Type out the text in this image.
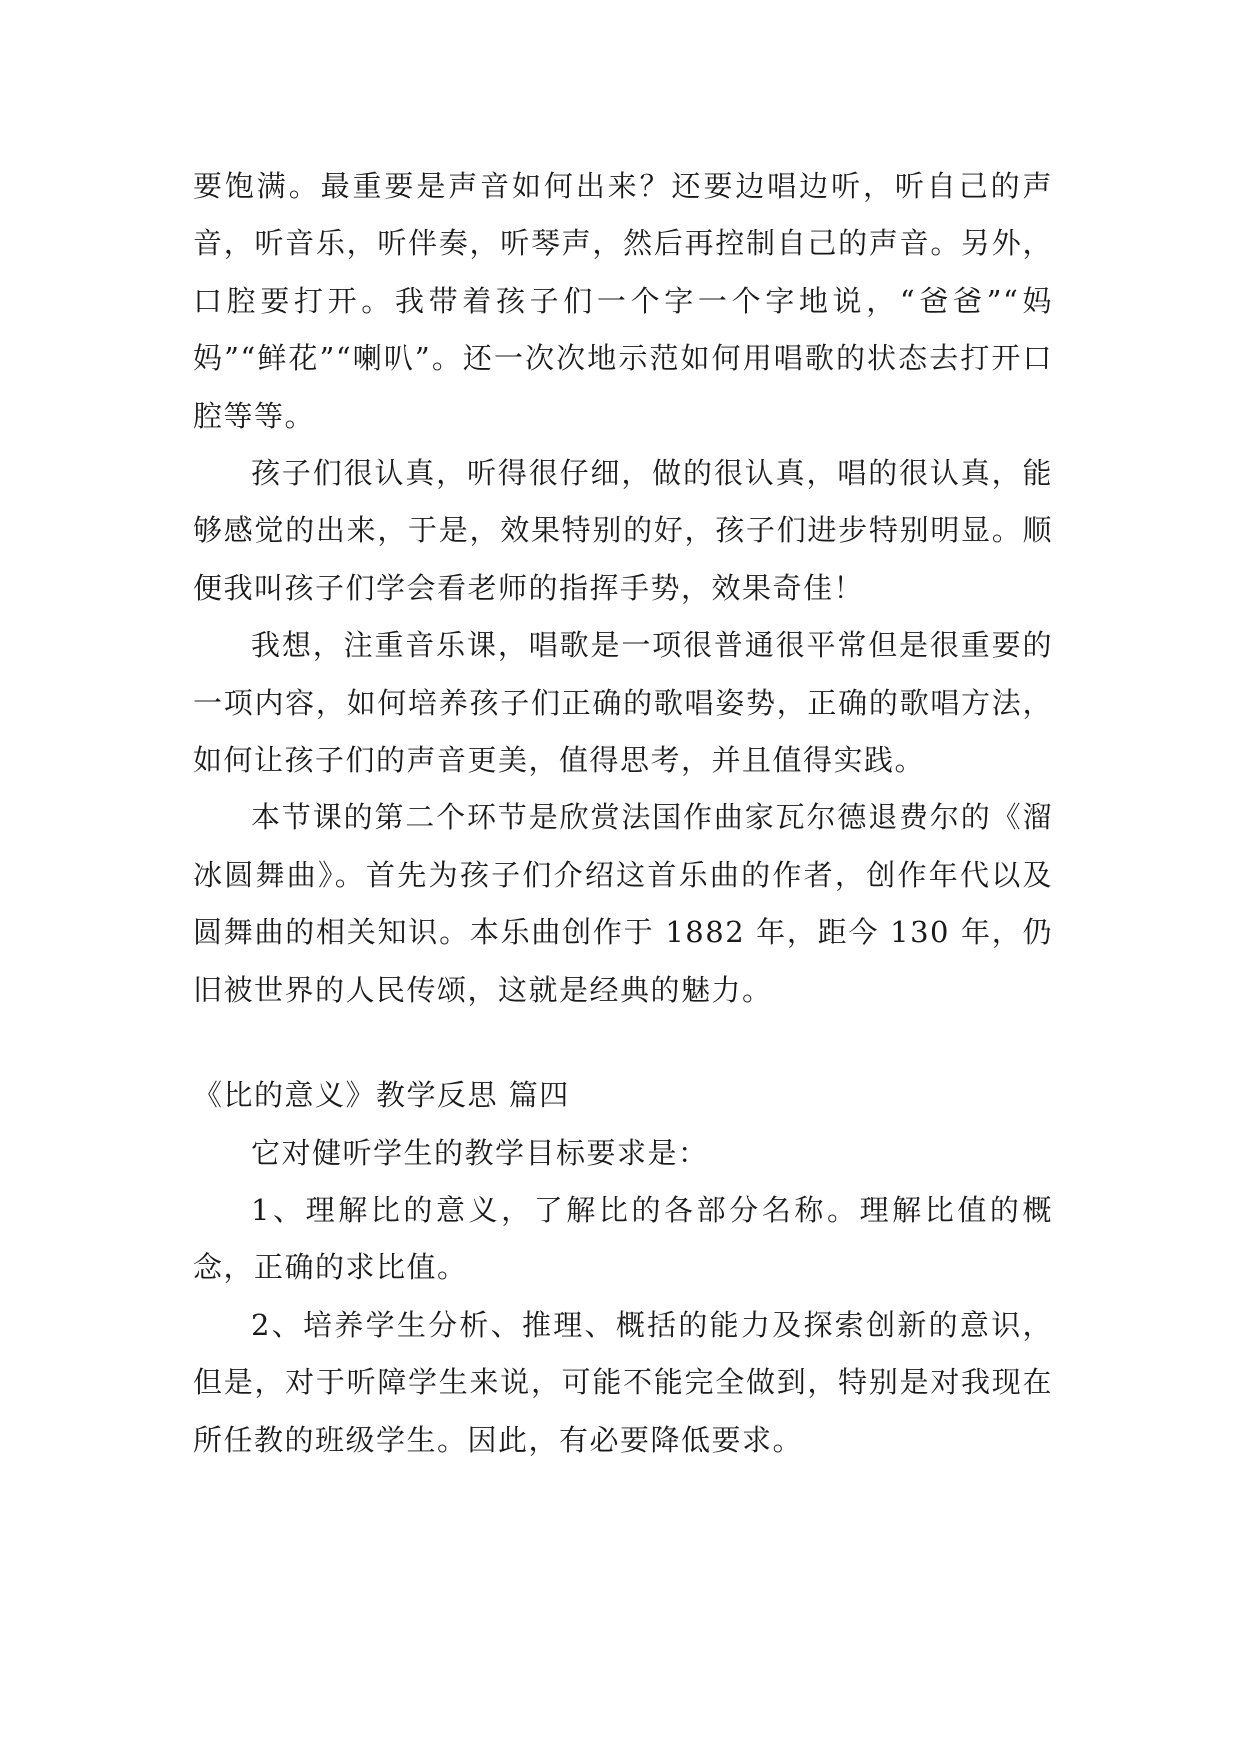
要饱满。最重要是声音如何出来？还要边唱边听，听自己的声音，听音乐，听伴奏，听琴声，然后再控制自己的声音。另外，口腔要打开。我带着孩子们一个字一个字地说，“爸爸”“妈妈”“鲜花”“喇叭”。还一次次地示范如何用唱歌的状态去打开口腔等等。

孩子们很认真，听得很仔细，做的很认真，唱的很认真，能够感觉的出来，于是，效果特别的好，孩子们进步特别明显。顺便我叫孩子们学会看老师的指挥手势，效果奇佳！

我想，注重音乐课，唱歌是一项很普通很平常但是很重要的一项内容，如何培养孩子们正确的歌唱姿势，正确的歌唱方法，如何让孩子们的声音更美，值得思考，并且值得实践。

本节课的第二个环节是欣赏法国作曲家瓦尔德退费尔的《溜冰圆舞曲》。首先为孩子们介绍这首乐曲的作者，创作年代以及圆舞曲的相关知识。本乐曲创作于 1882 年，距今 130 年，仍旧被世界的人民传颂，这就是经典的魅力。

《比的意义》教学反思 篇四

它对健听学生的教学目标要求是：

1、理解比的意义，了解比的各部分名称。理解比值的概念，正确的求比值。

2、培养学生分析、推理、概括的能力及探索创新的意识，但是，对于听障学生来说，可能不能完全做到，特别是对我现在所任教的班级学生。因此，有必要降低要求。
